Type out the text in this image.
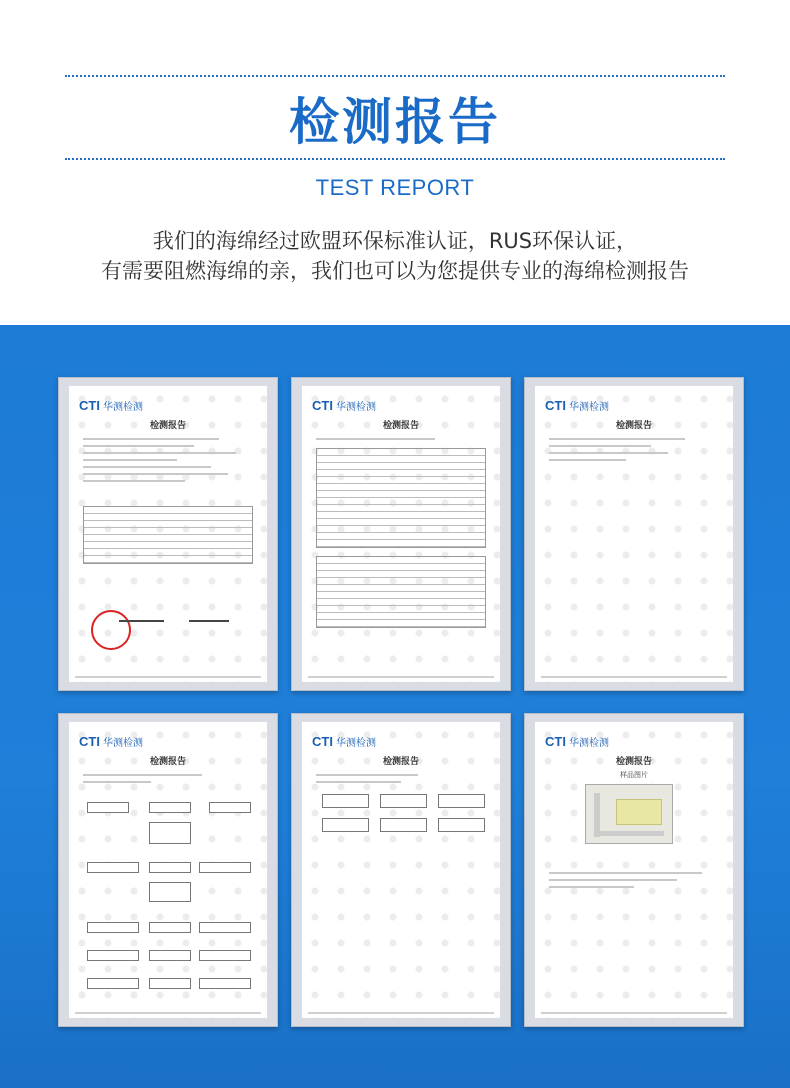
检测报告
TEST REPORT
我们的海绵经过欧盟环保标准认证，RUS环保认证，
有需要阻燃海绵的亲，我们也可以为您提供专业的海绵检测报告
CTI 华测检测
检测报告
CTI 华测检测
检测报告
CTI 华测检测
检测报告
CTI 华测检测
检测报告
CTI 华测检测
检测报告
CTI 华测检测
检测报告
样品图片
